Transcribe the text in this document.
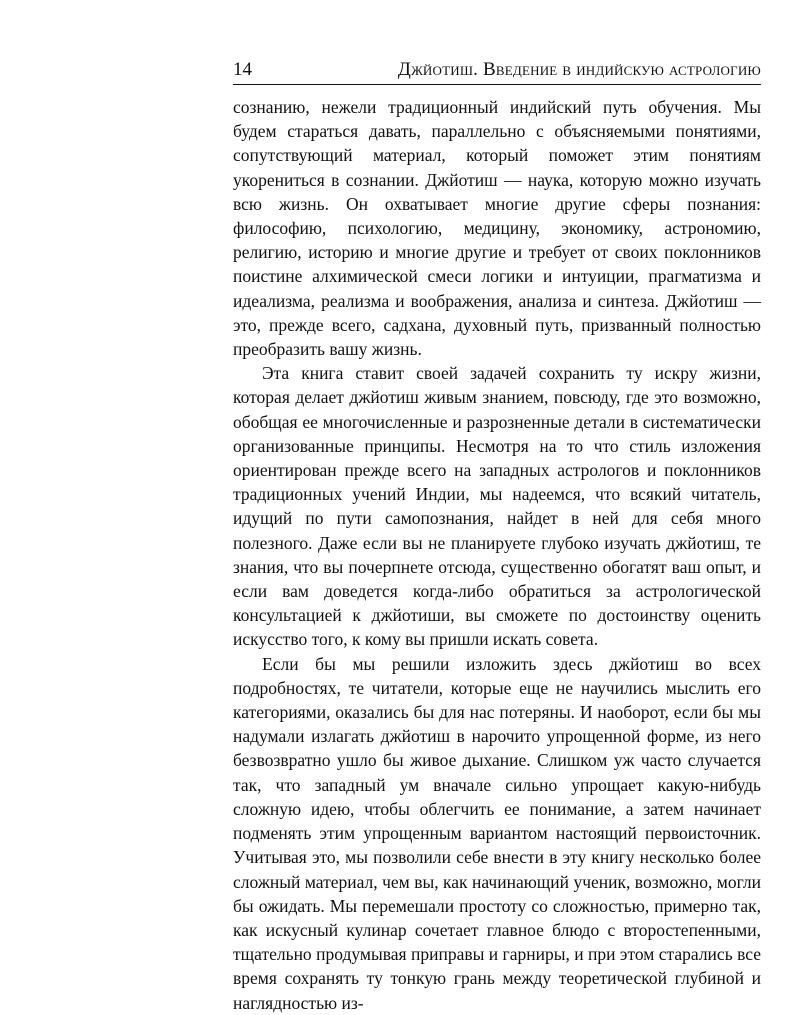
14	Джйотиш. Введение в индийскую астрологию

сознанию, нежели традиционный индийский путь обучения. Мы будем стараться давать, параллельно с объясняемыми понятиями, сопутствующий материал, который поможет этим понятиям укорениться в сознании. Джйотиш — наука, которую можно изучать всю жизнь. Он охватывает многие другие сферы познания: философию, психологию, медицину, экономику, астрономию, религию, историю и многие другие и требует от своих поклонников поистине алхимической смеси логики и интуиции, прагматизма и идеализма, реализма и воображения, анализа и синтеза. Джйотиш — это, прежде всего, садхана, духовный путь, призванный полностью преобразить вашу жизнь.

Эта книга ставит своей задачей сохранить ту искру жизни, которая делает джйотиш живым знанием, повсюду, где это возможно, обобщая ее многочисленные и разрозненные детали в систематически организованные принципы. Несмотря на то что стиль изложения ориентирован прежде всего на западных астрологов и поклонников традиционных учений Индии, мы надеемся, что всякий читатель, идущий по пути самопознания, найдет в ней для себя много полезного. Даже если вы не планируете глубоко изучать джйотиш, те знания, что вы почерпнете отсюда, существенно обогатят ваш опыт, и если вам доведется когда-либо обратиться за астрологической консультацией к джйотиши, вы сможете по достоинству оценить искусство того, к кому вы пришли искать совета.

Если бы мы решили изложить здесь джйотиш во всех подробностях, те читатели, которые еще не научились мыслить его категориями, оказались бы для нас потеряны. И наоборот, если бы мы надумали излагать джйотиш в нарочито упрощенной форме, из него безвозвратно ушло бы живое дыхание. Слишком уж часто случается так, что западный ум вначале сильно упрощает какую-нибудь сложную идею, чтобы облегчить ее понимание, а затем начинает подменять этим упрощенным вариантом настоящий первоисточник. Учитывая это, мы позволили себе внести в эту книгу несколько более сложный материал, чем вы, как начинающий ученик, возможно, могли бы ожидать. Мы перемешали простоту со сложностью, примерно так, как искусный кулинар сочетает главное блюдо с второстепенными, тщательно продумывая приправы и гарниры, и при этом старались все время сохранять ту тонкую грань между теоретической глубиной и наглядностью из-
